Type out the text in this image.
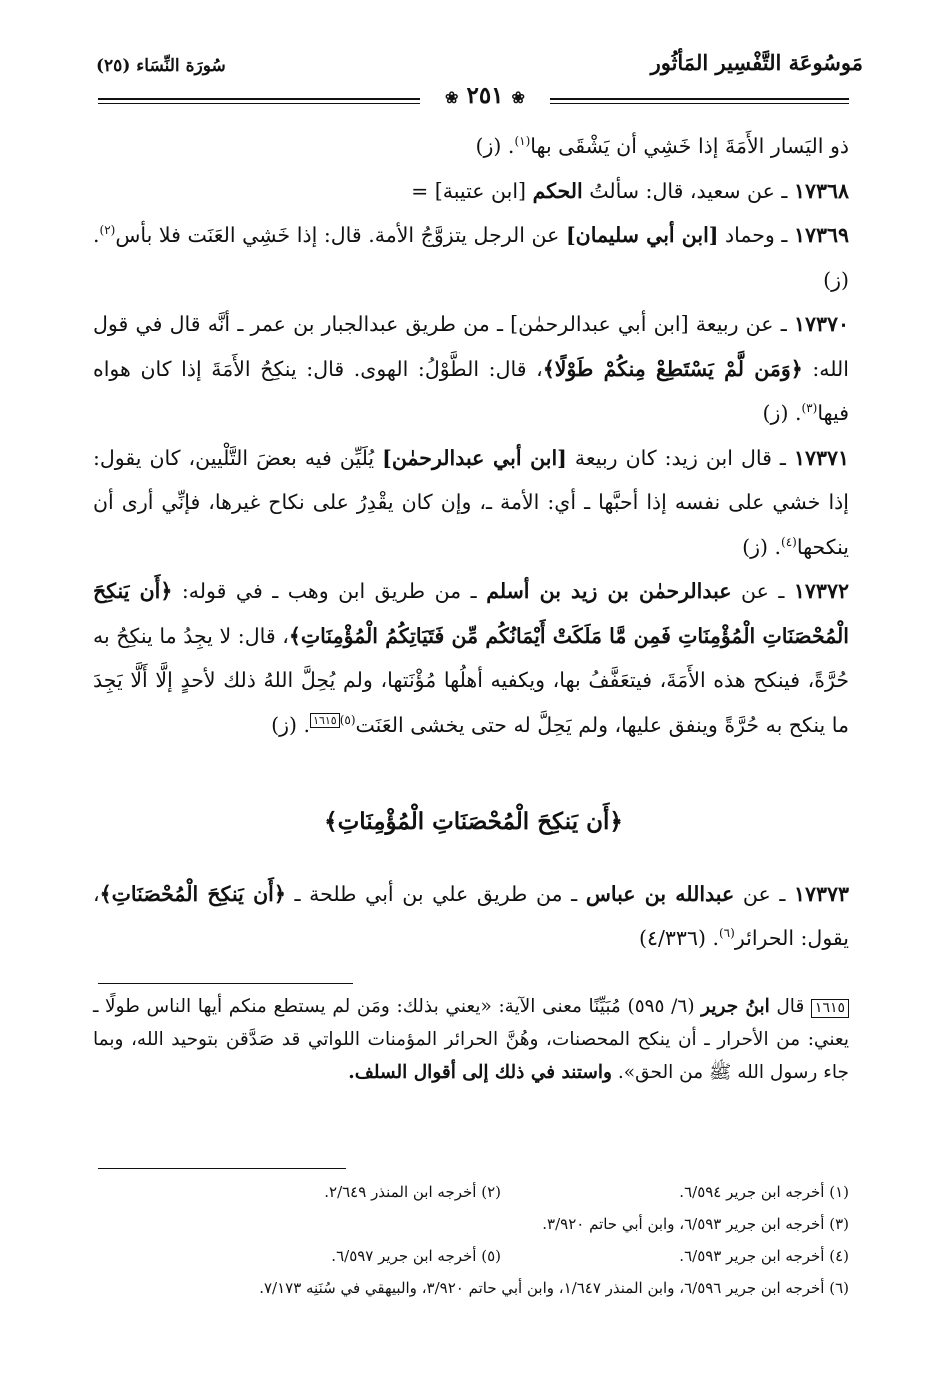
مَوسُوعَة التَّفْسِير المَأثُور
سُورَة النِّسَاء (٢٥)
❀ ٢٥١ ❀

ذو اليَسار الأَمَةَ إذا خَشِي أن يَشْقَى بها$^{(١)}$. (ز)

١٧٣٦٨ ـ عن سعيد، قال: سألتُ الحكم [ابن عتيبة] =

١٧٣٦٩ ـ وحماد [ابن أبي سليمان] عن الرجل يتزوَّجُ الأمة. قال: إذا خَشِي العَنَت فلا بأس$^{(٢)}$. (ز)

١٧٣٧٠ ـ عن ربيعة [ابن أبي عبدالرحمٰن] ـ من طريق عبدالجبار بن عمر ـ أنَّه قال في قول الله: ﴿وَمَن لَّمْ يَسْتَطِعْ مِنكُمْ طَوْلًا﴾، قال: الطَّوْلُ: الهوى. قال: ينكِحُ الأَمَةَ إذا كان هواه فيها$^{(٣)}$. (ز)

١٧٣٧١ ـ قال ابن زيد: كان ربيعة [ابن أبي عبدالرحمٰن] يُلَيِّن فيه بعضَ التَّلْيين، كان يقول: إذا خشي على نفسه إذا أحبَّها ـ أي: الأمة ـ، وإن كان يقْدِرُ على نكاح غيرها، فإنِّي أرى أن ينكحها$^{(٤)}$. (ز)

١٧٣٧٢ ـ عن عبدالرحمٰن بن زيد بن أسلم ـ من طريق ابن وهب ـ في قوله: ﴿أَن يَنكِحَ الْمُحْصَنَاتِ الْمُؤْمِنَاتِ فَمِن مَّا مَلَكَتْ أَيْمَانُكُم مِّن فَتَيَاتِكُمُ الْمُؤْمِنَاتِ﴾، قال: لا يجِدُ ما ينكِحُ به حُرَّةً، فينكح هذه الأَمَةَ، فيتعَفَّفُ بها، ويكفيه أهلُها مُؤْنَتها، ولم يُحِلَّ اللهُ ذلك لأحدٍ إلَّا أَلَّا يَجِدَ ما ينكح به حُرَّةً وينفق عليها، ولم يَحِلَّ له حتى يخشى العَنَت$^{(٥)}$١٦١٥. (ز)

﴿أَن يَنكِحَ الْمُحْصَنَاتِ الْمُؤْمِنَاتِ﴾

١٧٣٧٣ ـ عن عبدالله بن عباس ـ من طريق علي بن أبي طلحة ـ ﴿أَن يَنكِحَ الْمُحْصَنَاتِ﴾، يقول: الحرائر$^{(٦)}$. (٤/٣٣٦)

١٦١٥ قال ابنُ جرير (٦/ ٥٩٥) مُبَيِّنًا معنى الآية: «يعني بذلك: ومَن لم يستطع منكم أيها الناس طولًا ـ يعني: من الأحرار ـ أن ينكح المحصنات، وهُنَّ الحرائر المؤمنات اللواتي قد صَدَّقن بتوحيد الله، وبما جاء رسول الله ﷺ من الحق». واستند في ذلك إلى أقوال السلف.

(١) أخرجه ابن جرير ٦/٥٩٤.
(٢) أخرجه ابن المنذر ٢/٦٤٩.
(٣) أخرجه ابن جرير ٦/٥٩٣، وابن أبي حاتم ٣/٩٢٠.
(٤) أخرجه ابن جرير ٦/٥٩٣.
(٥) أخرجه ابن جرير ٦/٥٩٧.
(٦) أخرجه ابن جرير ٦/٥٩٦، وابن المنذر ١/٦٤٧، وابن أبي حاتم ٣/٩٢٠، والبيهقي في سُنَنِه ٧/١٧٣.
